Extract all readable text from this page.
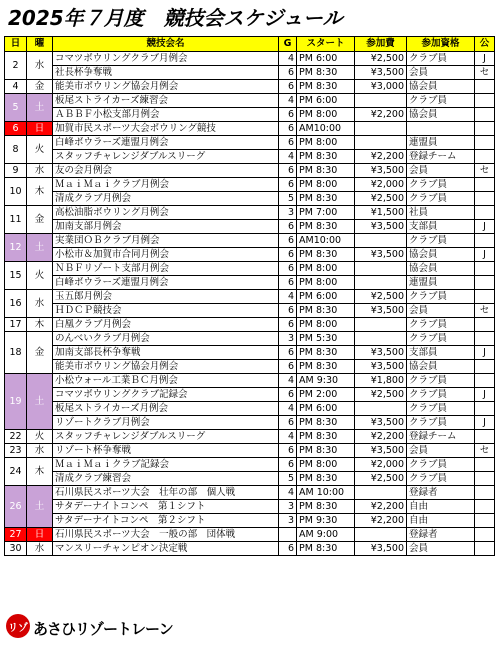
2025年７月度　競技会スケジュール
日	曜	競技会名	G	スタート	参加費	参加資格	公
2	水	コマツボウリングクラブ月例会	4	PM 6:00	¥2,500	クラブ員	J
		社長杯争奪戦	6	PM 8:30	¥3,500	会員	セ
4	金	能美市ボウリング協会月例会	6	PM 8:30	¥3,000	協会員	
5	土	板尾ストライカーズ練習会	4	PM 6:00		クラブ員	
		ＡＢＢＦ小松支部月例会	6	PM 8:00	¥2,200	協会員	
6	日	加賀市民スポーツ大会ボウリング競技	6	AM10:00			
8	火	白峰ボウラーズ連盟月例会	6	PM 8:00		連盟員	
		スタッフチャレンジダブルスリーグ	4	PM 8:30	¥2,200	登録チーム	
9	水	友の会月例会	6	PM 8:30	¥3,500	会員	セ
10	木	ＭａｉＭａｉクラブ月例会	6	PM 8:00	¥2,000	クラブ員	
		清成クラブ月例会	5	PM 8:30	¥2,500	クラブ員	
11	金	高松油脂ボウリング月例会	3	PM 7:00	¥1,500	社員	
		加南支部月例会	6	PM 8:30	¥3,500	支部員	J
12	土	実業団ＯＢクラブ月例会	6	AM10:00		クラブ員	
		小松市＆加賀市合同月例会	6	PM 8:30	¥3,500	協会員	J
15	火	ＮＢＦリゾート支部月例会	6	PM 8:00		協会員	
		白峰ボウラーズ連盟月例会	6	PM 8:00		連盟員	
16	水	玉五郎月例会	4	PM 6:00	¥2,500	クラブ員	
		ＨＤＣＰ競技会	6	PM 8:30	¥3,500	会員	セ
17	木	白凰クラブ月例会	6	PM 8:00		クラブ員	
18	金	のんべいクラブ月例会	3	PM 5:30		クラブ員	
		加南支部長杯争奪戦	6	PM 8:30	¥3,500	支部員	J
		能美市ボウリング協会月例会	6	PM 8:30	¥3,500	協会員	
19	土	小松ウォール工業ＢＣ月例会	4	AM 9:30	¥1,800	クラブ員	
		コマツボウリングクラブ記録会	6	PM 2:00	¥2,500	クラブ員	J
		板尾ストライカーズ月例会	4	PM 6:00		クラブ員	
		リゾートクラブ月例会	6	PM 8:30	¥3,500	クラブ員	J
22	火	スタッフチャレンジダブルスリーグ	4	PM 8:30	¥2,200	登録チーム	
23	水	リゾート杯争奪戦	6	PM 8:30	¥3,500	会員	セ
24	木	ＭａｉＭａｉクラブ記録会	6	PM 8:00	¥2,000	クラブ員	
		清成クラブ練習会	5	PM 8:30	¥2,500	クラブ員	
26	土	石川県民スポーツ大会　壮年の部　個人戦	4	AM 10:00		登録者	
		サタデーナイトコンペ　第１シフト	3	PM 8:30	¥2,200	自由	
		サタデーナイトコンペ　第２シフト	3	PM 9:30	¥2,200	自由	
27	日	石川県民スポーツ大会　一般の部　団体戦		AM 9:00		登録者	
30	水	マンスリーチャンピオン決定戦	6	PM 8:30	¥3,500	会員	
リゾ あさひリゾートレーン
